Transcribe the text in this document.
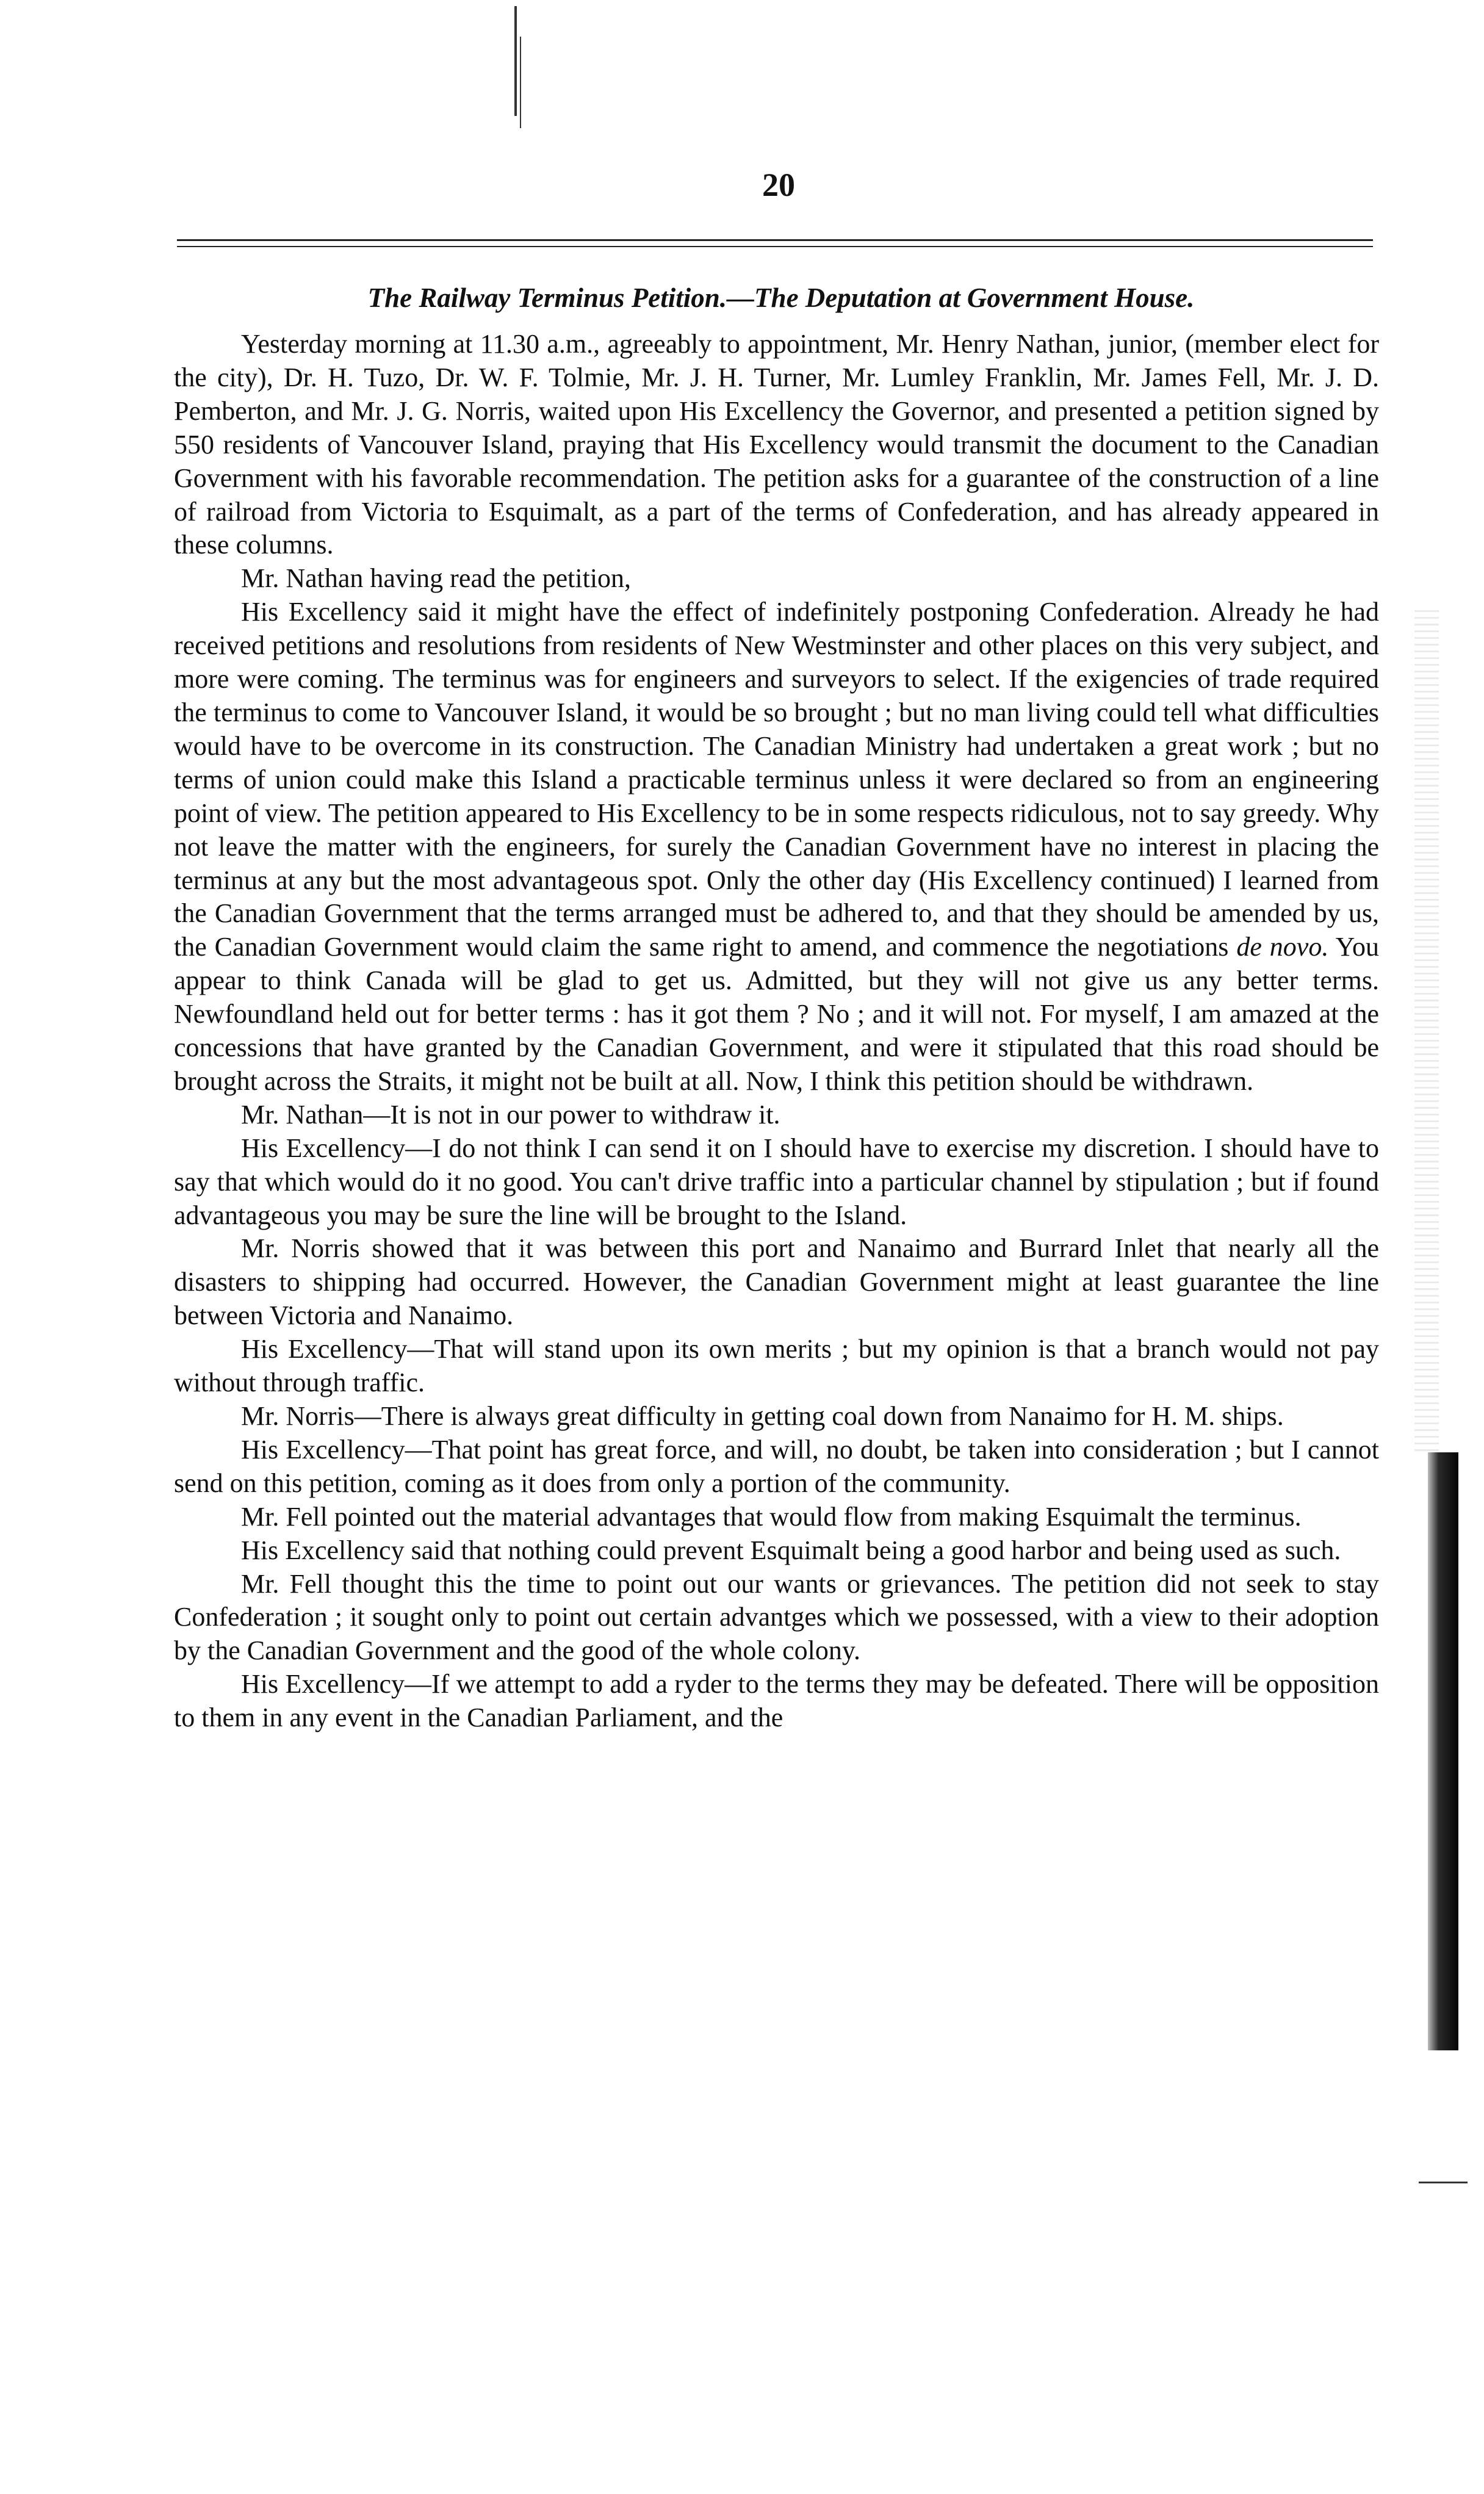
20
The Railway Terminus Petition.—The Deputation at Government House.

Yesterday morning at 11.30 a.m., agreeably to appointment, Mr. Henry Nathan, junior, (member elect for the city), Dr. H. Tuzo, Dr. W. F. Tolmie, Mr. J. H. Turner, Mr. Lumley Franklin, Mr. James Fell, Mr. J. D. Pemberton, and Mr. J. G. Norris, waited upon His Excellency the Governor, and presented a petition signed by 550 residents of Vancouver Island, praying that His Excellency would transmit the document to the Canadian Government with his favorable recommendation. The petition asks for a guarantee of the construction of a line of railroad from Victoria to Esquimalt, as a part of the terms of Confederation, and has already appeared in these columns.

Mr. Nathan having read the petition,

His Excellency said it might have the effect of indefinitely postponing Confederation. Already he had received petitions and resolutions from residents of New Westminster and other places on this very subject, and more were coming. The terminus was for engineers and surveyors to select. If the exigencies of trade required the terminus to come to Vancouver Island, it would be so brought ; but no man living could tell what difficulties would have to be overcome in its construction. The Canadian Ministry had undertaken a great work ; but no terms of union could make this Island a practicable terminus unless it were declared so from an engineering point of view. The petition appeared to His Excellency to be in some respects ridiculous, not to say greedy. Why not leave the matter with the engineers, for surely the Canadian Government have no interest in placing the terminus at any but the most advantageous spot. Only the other day (His Excellency continued) I learned from the Canadian Government that the terms arranged must be adhered to, and that they should be amended by us, the Canadian Government would claim the same right to amend, and commence the negotiations de novo. You appear to think Canada will be glad to get us. Admitted, but they will not give us any better terms. Newfoundland held out for better terms : has it got them ? No ; and it will not. For myself, I am amazed at the concessions that have granted by the Canadian Government, and were it stipulated that this road should be brought across the Straits, it might not be built at all. Now, I think this petition should be withdrawn.

Mr. Nathan—It is not in our power to withdraw it.

His Excellency—I do not think I can send it on I should have to exercise my discretion. I should have to say that which would do it no good. You can't drive traffic into a particular channel by stipulation ; but if found advantageous you may be sure the line will be brought to the Island.

Mr. Norris showed that it was between this port and Nanaimo and Burrard Inlet that nearly all the disasters to shipping had occurred. However, the Canadian Government might at least guarantee the line between Victoria and Nanaimo.

His Excellency—That will stand upon its own merits ; but my opinion is that a branch would not pay without through traffic.

Mr. Norris—There is always great difficulty in getting coal down from Nanaimo for H. M. ships.

His Excellency—That point has great force, and will, no doubt, be taken into consideration ; but I cannot send on this petition, coming as it does from only a portion of the community.

Mr. Fell pointed out the material advantages that would flow from making Esquimalt the terminus.

His Excellency said that nothing could prevent Esquimalt being a good harbor and being used as such.

Mr. Fell thought this the time to point out our wants or grievances. The petition did not seek to stay Confederation ; it sought only to point out certain advantges which we possessed, with a view to their adoption by the Canadian Government and the good of the whole colony.

His Excellency—If we attempt to add a ryder to the terms they may be defeated. There will be opposition to them in any event in the Canadian Parliament, and the
